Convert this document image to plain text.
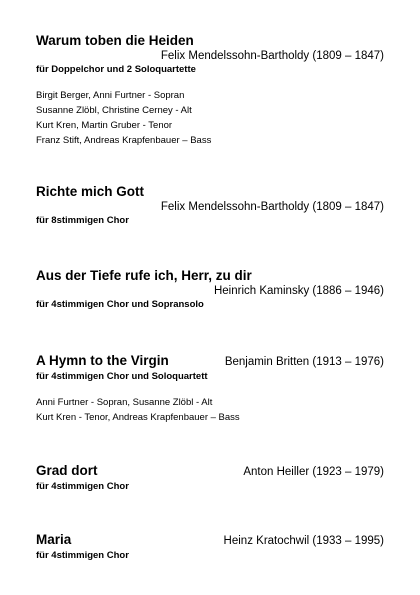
Warum toben die Heiden
Felix Mendelssohn-Bartholdy (1809 – 1847)
für Doppelchor und 2 Soloquartette
Birgit Berger, Anni Furtner - Sopran
Susanne Zlöbl, Christine Cerney - Alt
Kurt Kren, Martin Gruber - Tenor
Franz Stift, Andreas Krapfenbauer – Bass
Richte mich Gott
Felix Mendelssohn-Bartholdy (1809 – 1847)
für 8stimmigen Chor
Aus der Tiefe rufe ich, Herr, zu dir
Heinrich Kaminsky (1886 – 1946)
für 4stimmigen Chor und Sopransolo
A Hymn to the Virgin	Benjamin Britten (1913 – 1976)
für 4stimmigen Chor und Soloquartett
Anni Furtner - Sopran, Susanne Zlöbl - Alt
Kurt Kren - Tenor, Andreas Krapfenbauer – Bass
Grad dort	Anton Heiller (1923 – 1979)
für 4stimmigen Chor
Maria	Heinz Kratochwil (1933 – 1995)
für 4stimmigen Chor
